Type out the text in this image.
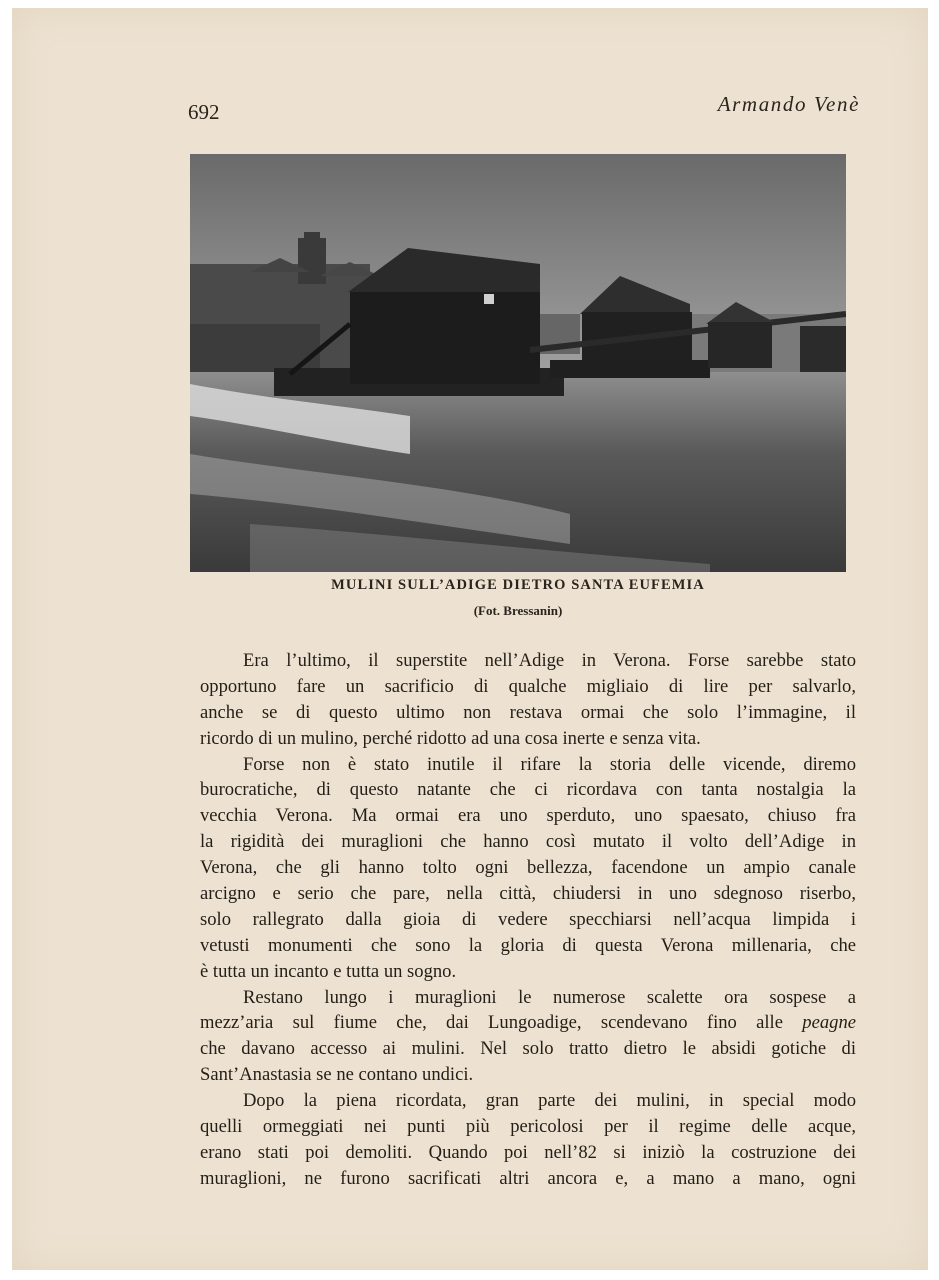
692	Armando Venè
MULINI SULL’ADIGE DIETRO SANTA EUFEMIA
(Fot. Bressanin)
Era l’ultimo, il superstite nell’Adige in Verona. Forse sarebbe stato
opportuno fare un sacrificio di qualche migliaio di lire per salvarlo,
anche se di questo ultimo non restava ormai che solo l’immagine, il
ricordo di un mulino, perché ridotto ad una cosa inerte e senza vita.
Forse non è stato inutile il rifare la storia delle vicende, diremo
burocratiche, di questo natante che ci ricordava con tanta nostalgia la
vecchia Verona. Ma ormai era uno sperduto, uno spaesato, chiuso fra
la rigidità dei muraglioni che hanno così mutato il volto dell’Adige in
Verona, che gli hanno tolto ogni bellezza, facendone un ampio canale
arcigno e serio che pare, nella città, chiudersi in uno sdegnoso riserbo,
solo rallegrato dalla gioia di vedere specchiarsi nell’acqua limpida i
vetusti monumenti che sono la gloria di questa Verona millenaria, che
è tutta un incanto e tutta un sogno.
Restano lungo i muraglioni le numerose scalette ora sospese a
mezz’aria sul fiume che, dai Lungoadige, scendevano fino alle peagne
che davano accesso ai mulini. Nel solo tratto dietro le absidi gotiche di
Sant’Anastasia se ne contano undici.
Dopo la piena ricordata, gran parte dei mulini, in special modo
quelli ormeggiati nei punti più pericolosi per il regime delle acque,
erano stati poi demoliti. Quando poi nell’82 si iniziò la costruzione dei
muraglioni, ne furono sacrificati altri ancora e, a mano a mano, ogni
